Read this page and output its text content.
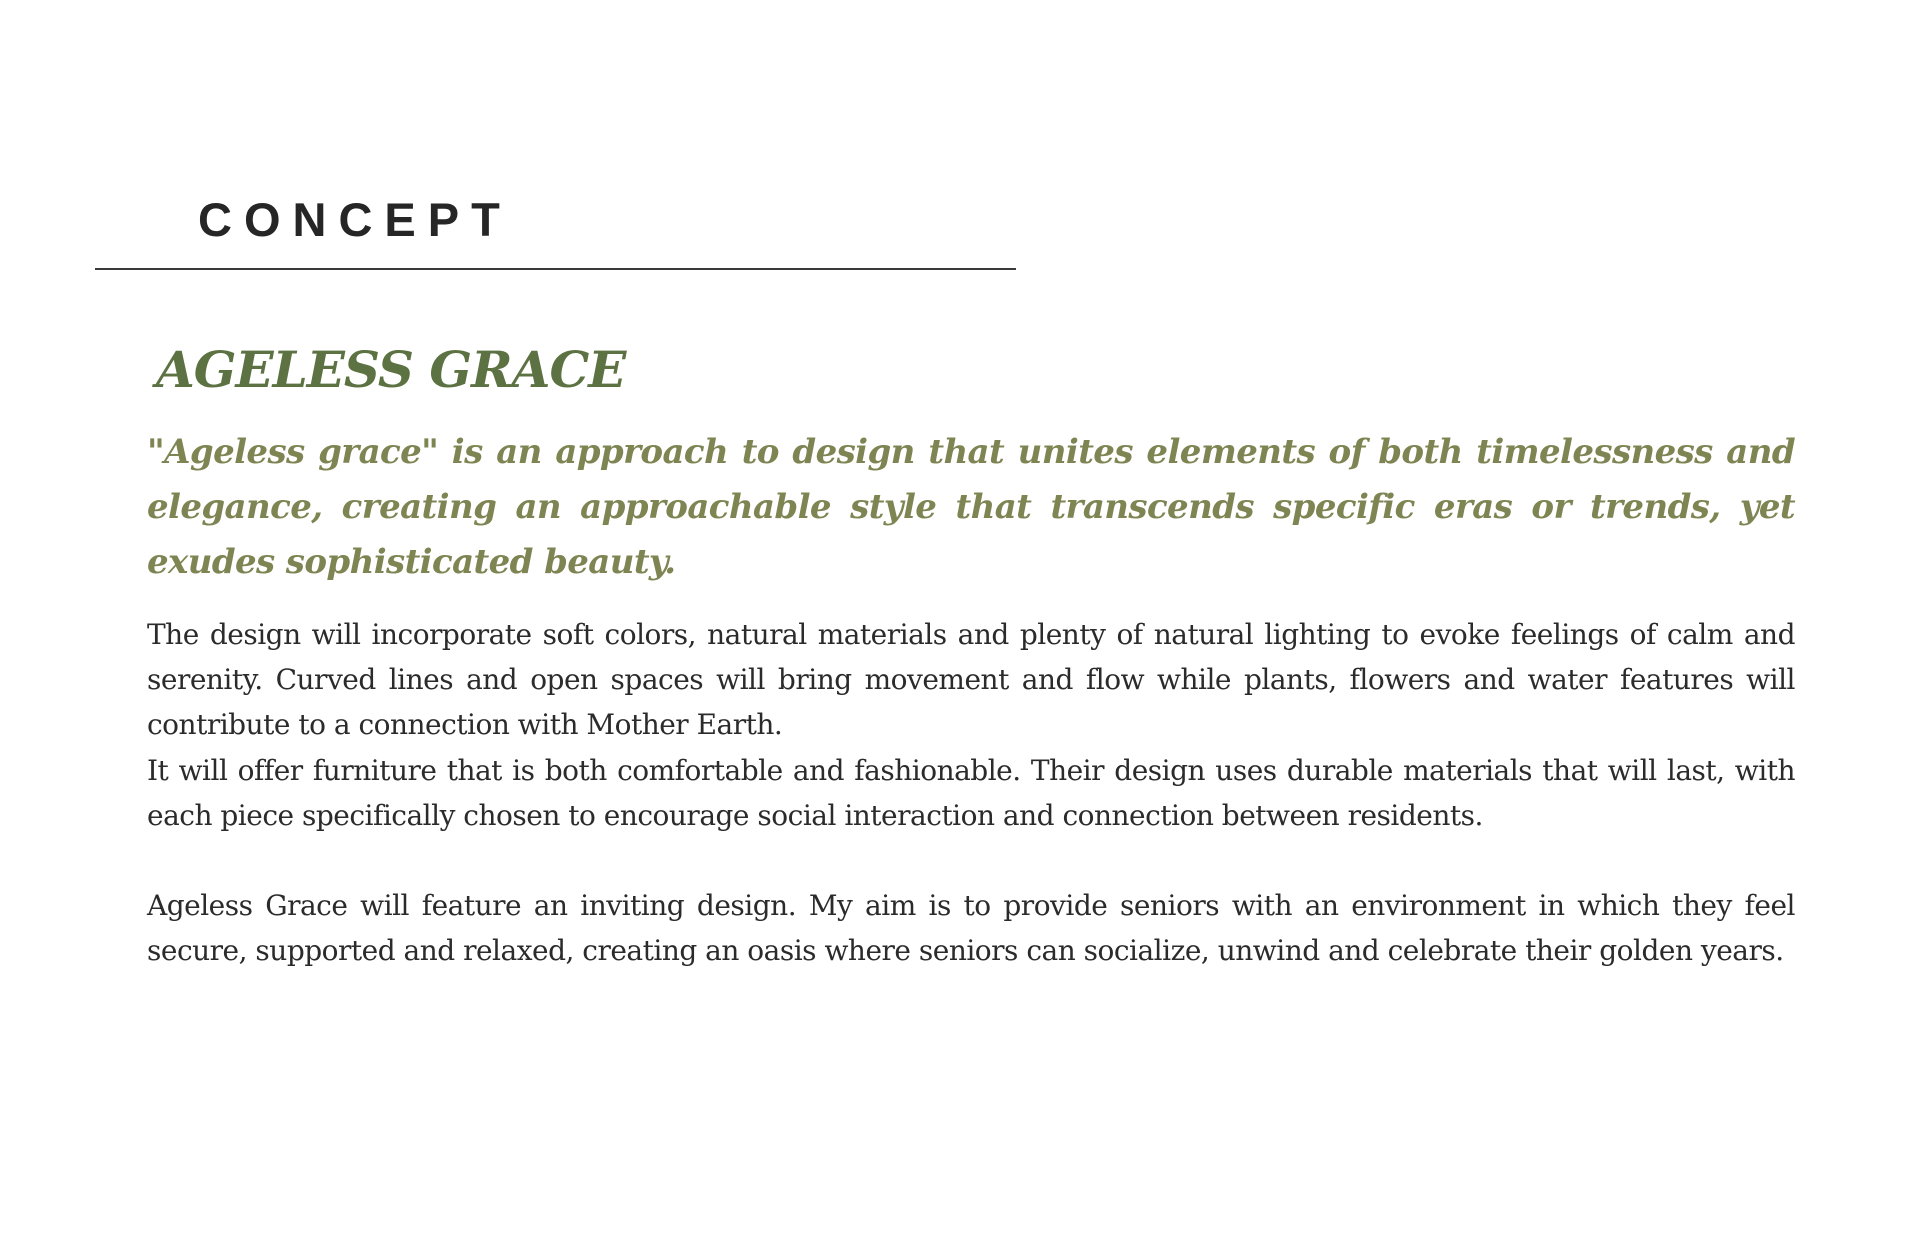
CONCEPT
AGELESS GRACE

"Ageless grace" is an approach to design that unites elements of both timelessness and elegance, creating an approachable style that transcends specific eras or trends, yet exudes sophisticated beauty.

The design will incorporate soft colors, natural materials and plenty of natural lighting to evoke feelings of calm and serenity. Curved lines and open spaces will bring movement and flow while plants, flowers and water features will contribute to a connection with Mother Earth.

It will offer furniture that is both comfortable and fashionable. Their design uses durable materials that will last, with each piece specifically chosen to encourage social interaction and connection between residents.

Ageless Grace will feature an inviting design. My aim is to provide seniors with an environment in which they feel secure, supported and relaxed, creating an oasis where seniors can socialize, unwind and celebrate their golden years.
